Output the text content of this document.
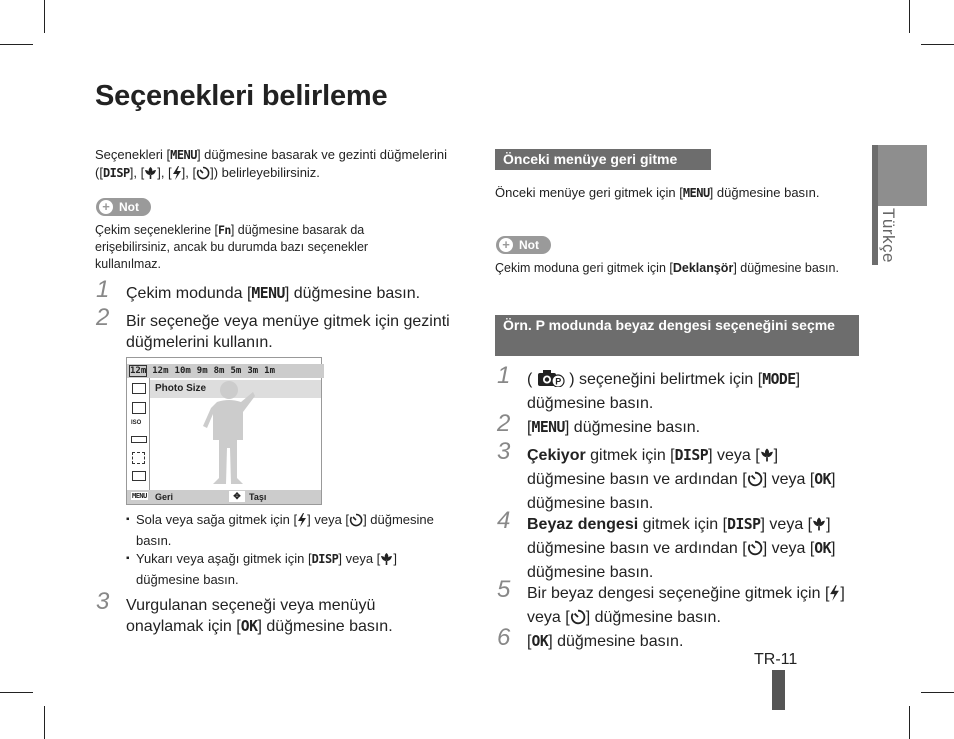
Seçenekleri belirleme
Seçenekleri [MENU] düğmesine basarak ve gezinti düğmelerini ([DISP], [ ], [ ], [ ]) belirleyebilirsiniz.
+ Not
Çekim seçeneklerine [Fn] düğmesine basarak da erişebilirsiniz, ancak bu durumda bazı seçenekler kullanılmaz.
1 Çekim modunda [MENU] düğmesine basın.
2 Bir seçeneğe veya menüye gitmek için gezinti düğmelerini kullanın.
12m 12m 10m 9m 8m 5m 3m 1m
ISO
Photo Size
MENU Geri	✥ Taşı
▪ Sola veya sağa gitmek için [ ] veya [ ] düğmesine basın.
▪ Yukarı veya aşağı gitmek için [DISP] veya [ ] düğmesine basın.
3 Vurgulanan seçeneği veya menüyü onaylamak için [OK] düğmesine basın.
Önceki menüye geri gitme
Önceki menüye geri gitmek için [MENU] düğmesine basın.
+ Not
Çekim moduna geri gitmek için [Deklanşör] düğmesine basın.
Örn. P modunda beyaz dengesi seçeneğini seçme
1 (	P ) seçeneğini belirtmek için [MODE] düğmesine basın.
2 [MENU] düğmesine basın.
3 Çekiyor gitmek için [DISP] veya [ ] düğmesine basın ve ardından [ ] veya [OK] düğmesine basın.
4 Beyaz dengesi gitmek için [DISP] veya [ ] düğmesine basın ve ardından [ ] veya [OK] düğmesine basın.
5 Bir beyaz dengesi seçeneğine gitmek için [ ] veya [ ] düğmesine basın.
6 [OK] düğmesine basın.
Türkçe
TR-11
